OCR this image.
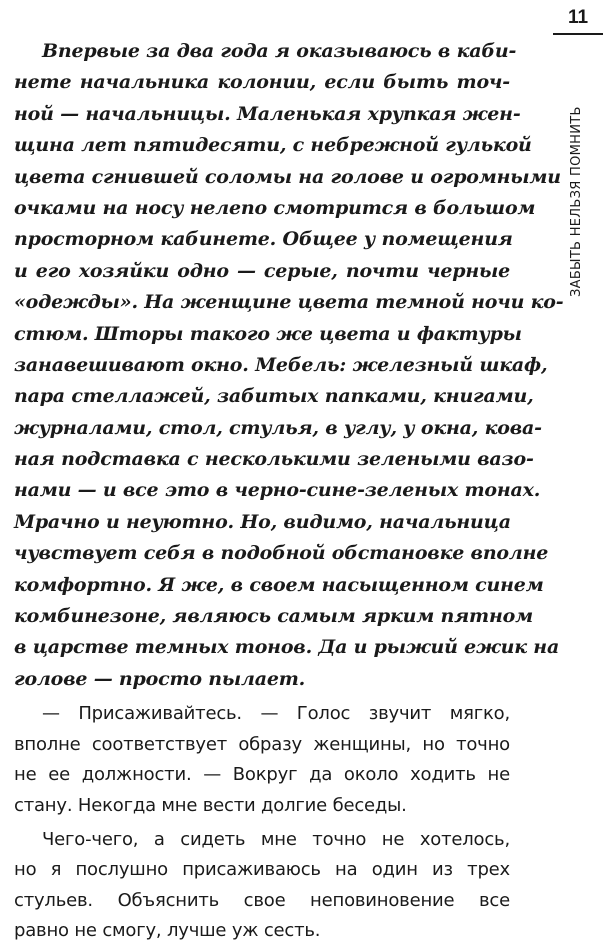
11
ЗАБЫТЬ НЕЛЬЗЯ ПОМНИТЬ
Впервые за два года я оказываюсь в каби-
нете начальника колонии, если быть точ-
ной — начальницы. Маленькая хрупкая жен-
щина лет пятидесяти, с небрежной гулькой
цвета сгнившей соломы на голове и огромными
очками на носу нелепо смотрится в большом
просторном кабинете. Общее у помещения
и его хозяйки одно — серые, почти черные
«одежды». На женщине цвета темной ночи ко-
стюм. Шторы такого же цвета и фактуры
занавешивают окно. Мебель: железный шкаф,
пара стеллажей, забитых папками, книгами,
журналами, стол, стулья, в углу, у окна, кова-
ная подставка с несколькими зелеными вазо-
нами — и все это в черно-сине-зеленых тонах.
Мрачно и неуютно. Но, видимо, начальница
чувствует себя в подобной обстановке вполне
комфортно. Я же, в своем насыщенном синем
комбинезоне, являюсь самым ярким пятном
в царстве темных тонов. Да и рыжий ежик на
голове — просто пылает.
— Присаживайтесь. — Голос звучит мягко,
вполне соответствует образу женщины, но точно
не ее должности. — Вокруг да около ходить не
стану. Некогда мне вести долгие беседы.
Чего-чего, а сидеть мне точно не хотелось,
но я послушно присаживаюсь на один из трех
стульев. Объяснить свое неповиновение все
равно не смогу, лучше уж сесть.
